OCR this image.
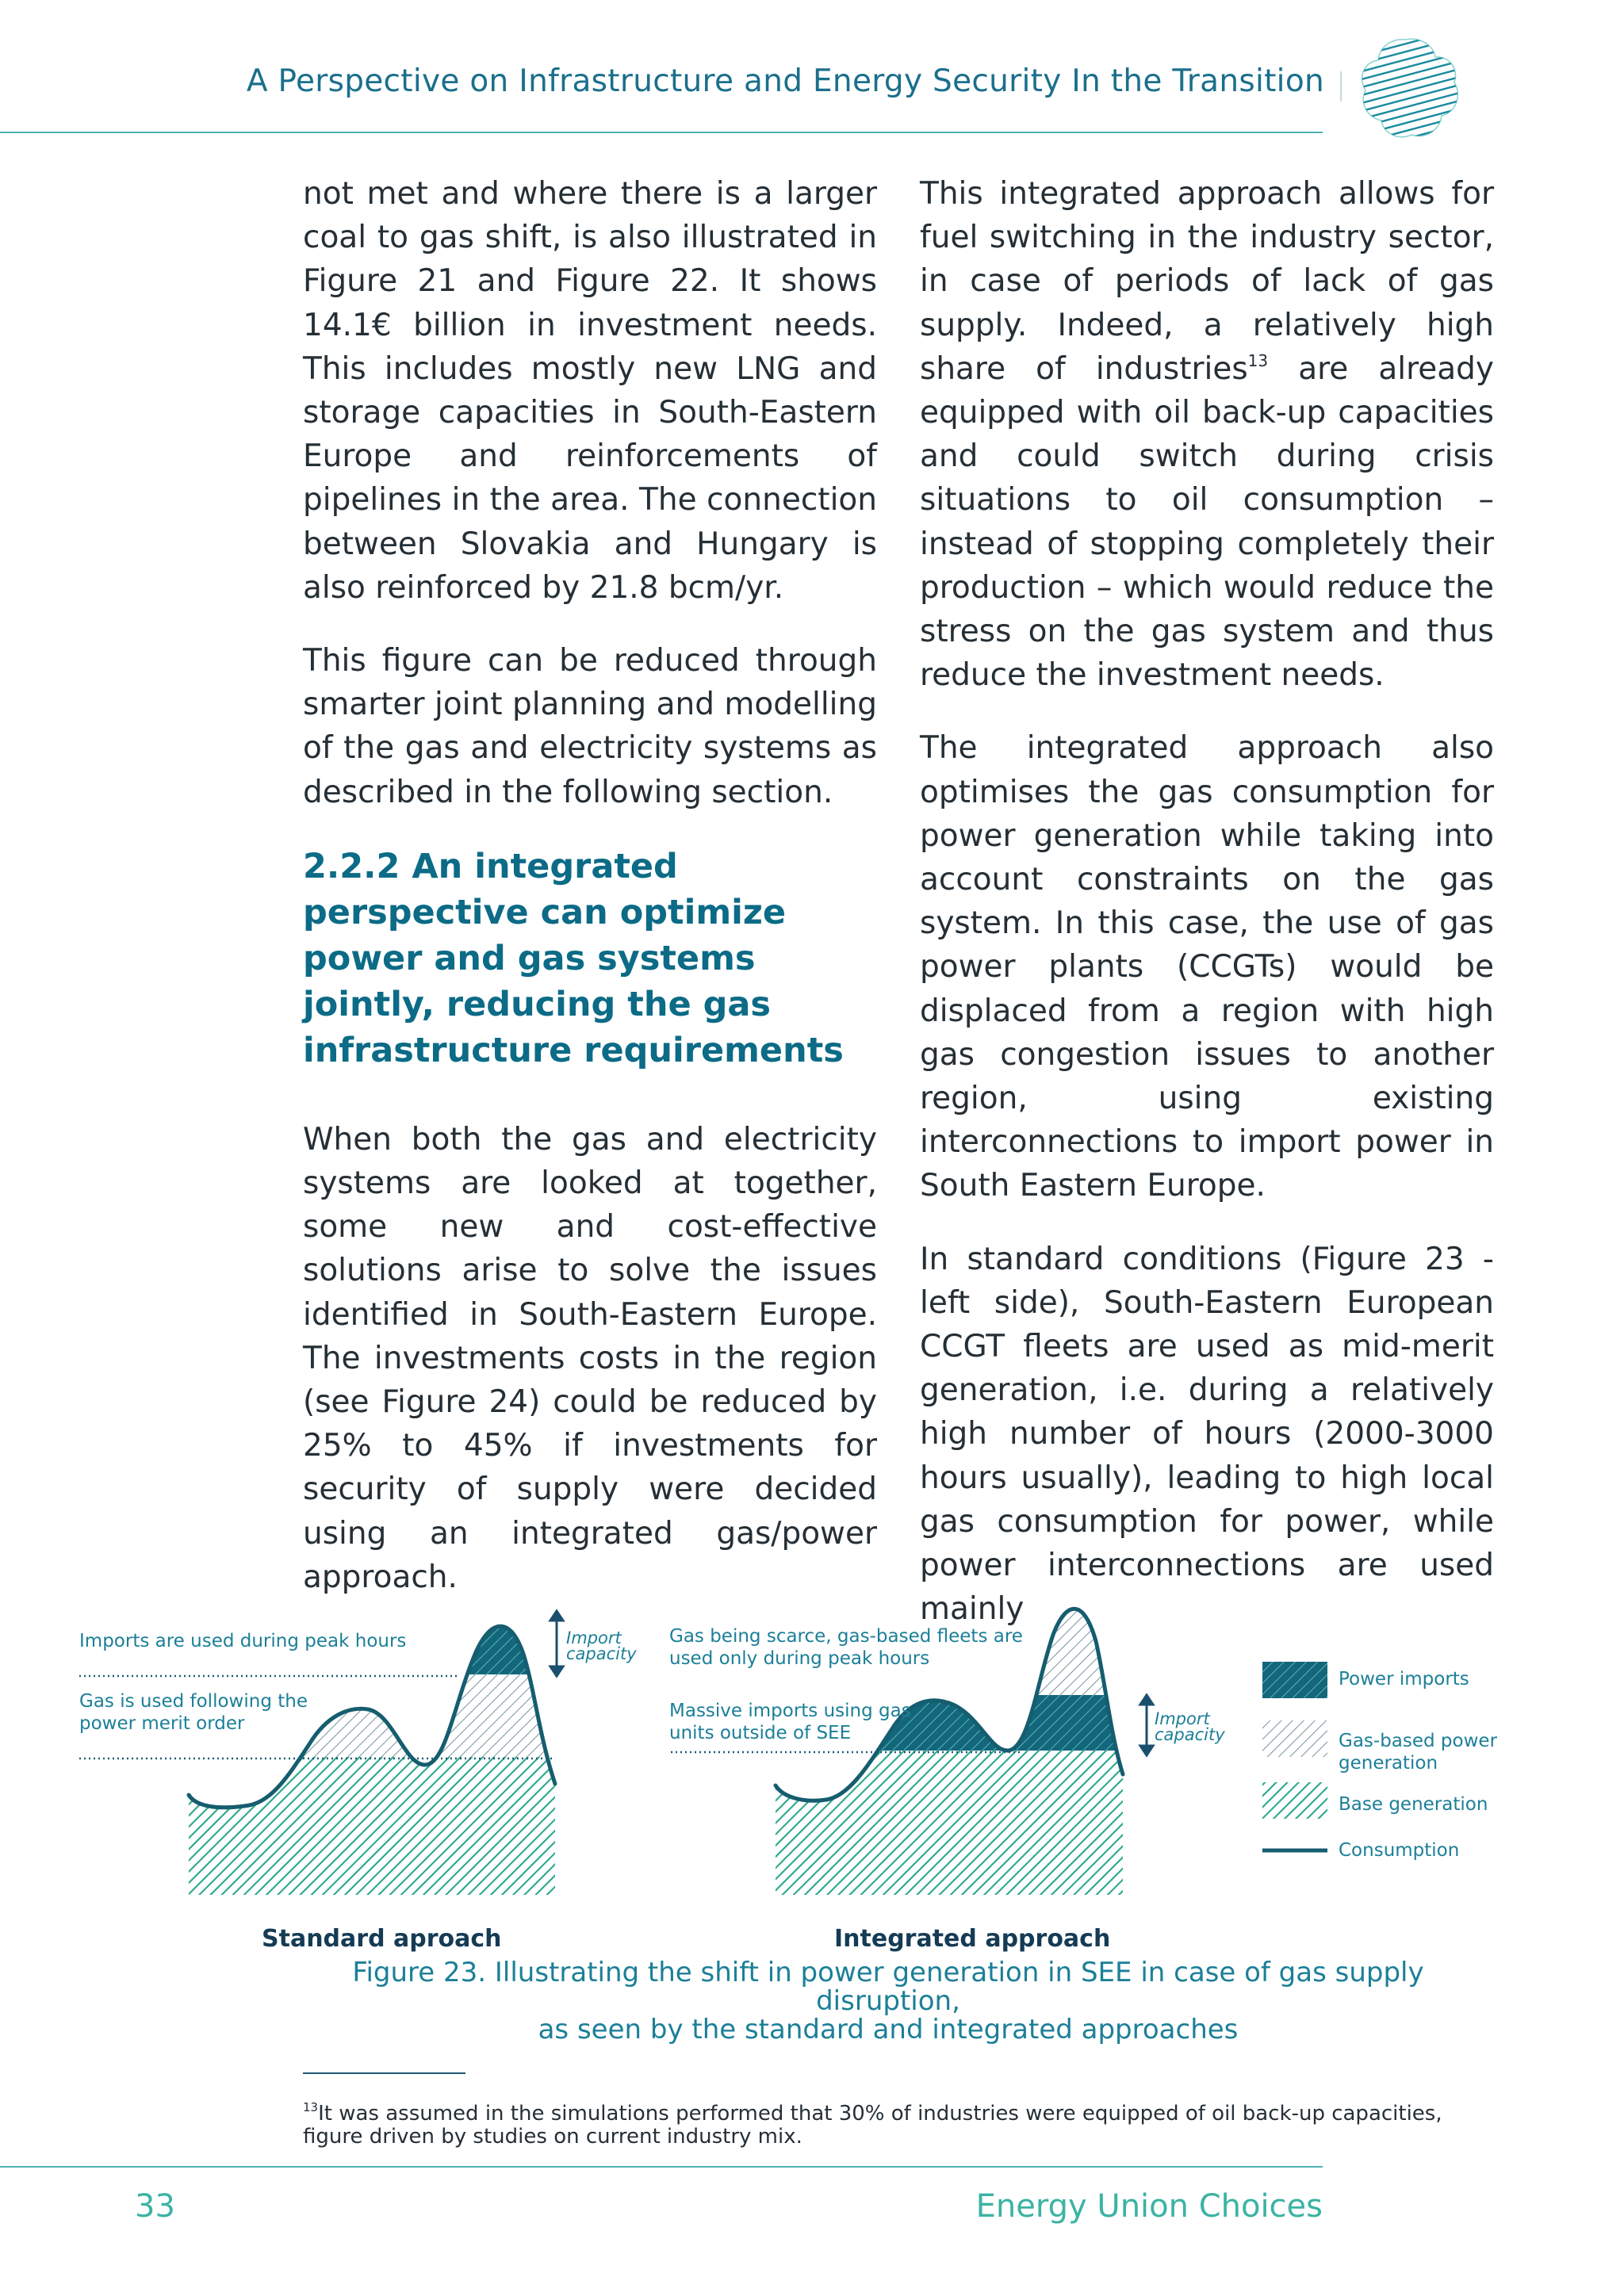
A Perspective on Infrastructure and Energy Security In the Transition

not met and where there is a larger coal to gas shift, is also illustrated in Figure 21 and Figure 22. It shows 14.1€ billion in investment needs. This includes mostly new LNG and storage capacities in South-Eastern Europe and reinforcements of pipelines in the area. The connection between Slovakia and Hungary is also reinforced by 21.8 bcm/yr.

This figure can be reduced through smarter joint planning and modelling of the gas and electricity systems as described in the following section.

2.2.2 An integrated perspective can optimize power and gas systems jointly, reducing the gas infrastructure requirements

When both the gas and electricity systems are looked at together, some new and cost-effective solutions arise to solve the issues identified in South-Eastern Europe. The investments costs in the region (see Figure 24) could be reduced by 25% to 45% if investments for security of supply were decided using an integrated gas/power approach.

This integrated approach allows for fuel switching in the industry sector, in case of periods of lack of gas supply. Indeed, a relatively high share of industries$^{13}$ are already equipped with oil back-up capacities and could switch during crisis situations to oil consumption – instead of stopping completely their production – which would reduce the stress on the gas system and thus reduce the investment needs.

The integrated approach also optimises the gas consumption for power generation while taking into account constraints on the gas system. In this case, the use of gas power plants (CCGTs) would be displaced from a region with high gas congestion issues to another region, using existing interconnections to import power in South Eastern Europe.

In standard conditions (Figure 23 - left side), South-Eastern European CCGT fleets are used as mid-merit generation, i.e. during a relatively high number of hours (2000-3000 hours usually), leading to high local gas consumption for power, while power interconnections are used mainly

Imports are used during peak hours
Gas is used following the
power merit order
Import
capacity
Standard aproach
Gas being scarce, gas-based fleets are
used only during peak hours
Massive imports using gas
units outside of SEE
Import
capacity
Integrated approach
Power imports
Gas-based power
generation
Base generation
Consumption
Figure 23. Illustrating the shift in power generation in SEE in case of gas supply disruption,
as seen by the standard and integrated approaches
$^{13}$It was assumed in the simulations performed that 30% of industries were equipped of oil back-up capacities, figure driven by studies on current industry mix.
33	Energy Union Choices
